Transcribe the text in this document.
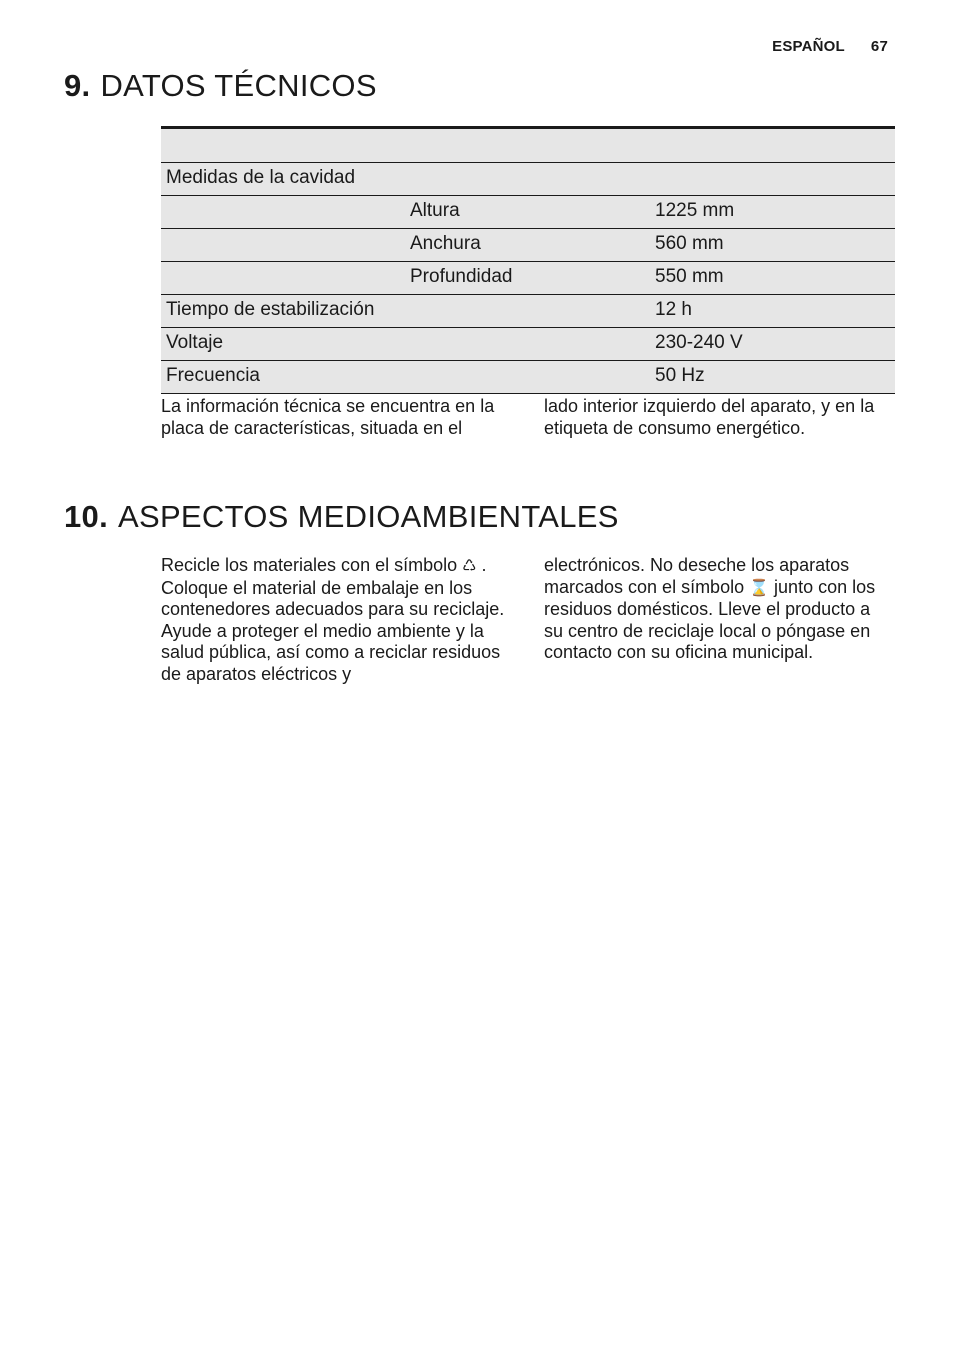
ESPAÑOL 67
9. DATOS TÉCNICOS
Medidas de la cavidad
Altura	1225 mm
Anchura	560 mm
Profundidad	550 mm
Tiempo de estabilización	12 h
Voltaje	230-240 V
Frecuencia	50 Hz

La información técnica se encuentra en la placa de características, situada en el

lado interior izquierdo del aparato, y en la etiqueta de consumo energético.

10. ASPECTOS MEDIOAMBIENTALES

Recicle los materiales con el símbolo ♺ . Coloque el material de embalaje en los contenedores adecuados para su reciclaje.

Ayude a proteger el medio ambiente y la salud pública, así como a reciclar residuos de aparatos eléctricos y

electrónicos. No deseche los aparatos marcados con el símbolo ⌛ junto con los residuos domésticos. Lleve el producto a su centro de reciclaje local o póngase en contacto con su oficina municipal.
